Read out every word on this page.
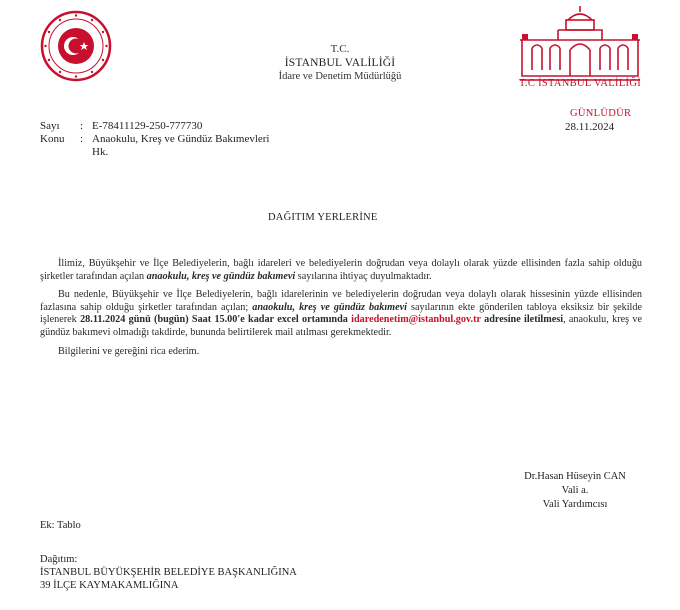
T.C.
İSTANBUL VALİLİĞİ
İdare ve Denetim Müdürlüğü
T.C İSTANBUL VALİLİĞİ
GÜNLÜDÜR
28.11.2024
Sayı	: E-78411129-250-777730
Konu	: Anaokulu, Kreş ve Gündüz Bakımevleri
Hk.
DAĞITIM YERLERİNE

İlimiz, Büyükşehir ve İlçe Belediyelerin, bağlı idareleri ve belediyelerin doğrudan veya dolaylı olarak yüzde ellisinden fazla sahip olduğu şirketler tarafından açılan anaokulu, kreş ve gündüz bakımevi sayılarına ihtiyaç duyulmaktadır.

Bu nedenle, Büyükşehir ve İlçe Belediyelerin, bağlı idarelerinin ve belediyelerin doğrudan veya dolaylı olarak hissesinin yüzde ellisinden fazlasına sahip olduğu şirketler tarafından açılan; anaokulu, kreş ve gündüz bakımevi sayılarının ekte gönderilen tabloya eksiksiz bir şekilde işlenerek 28.11.2024 günü (bugün) Saat 15.00'e kadar excel ortamında idaredenetim@istanbul.gov.tr adresine iletilmesi, anaokulu, kreş ve gündüz bakımevi olmadığı takdirde, bunundа belirtilerek mail atılması gerekmektedir.

Bilgilerini ve gereğini rica ederim.

Dr.Hasan Hüseyin CAN
Vali a.
Vali Yardımcısı
Ek: Tablo
Dağıtım:
İSTANBUL BÜYÜKŞEHİR BELEDİYE BAŞKANLIĞINA
39 İLÇE KAYMAKAMLIĞINA
